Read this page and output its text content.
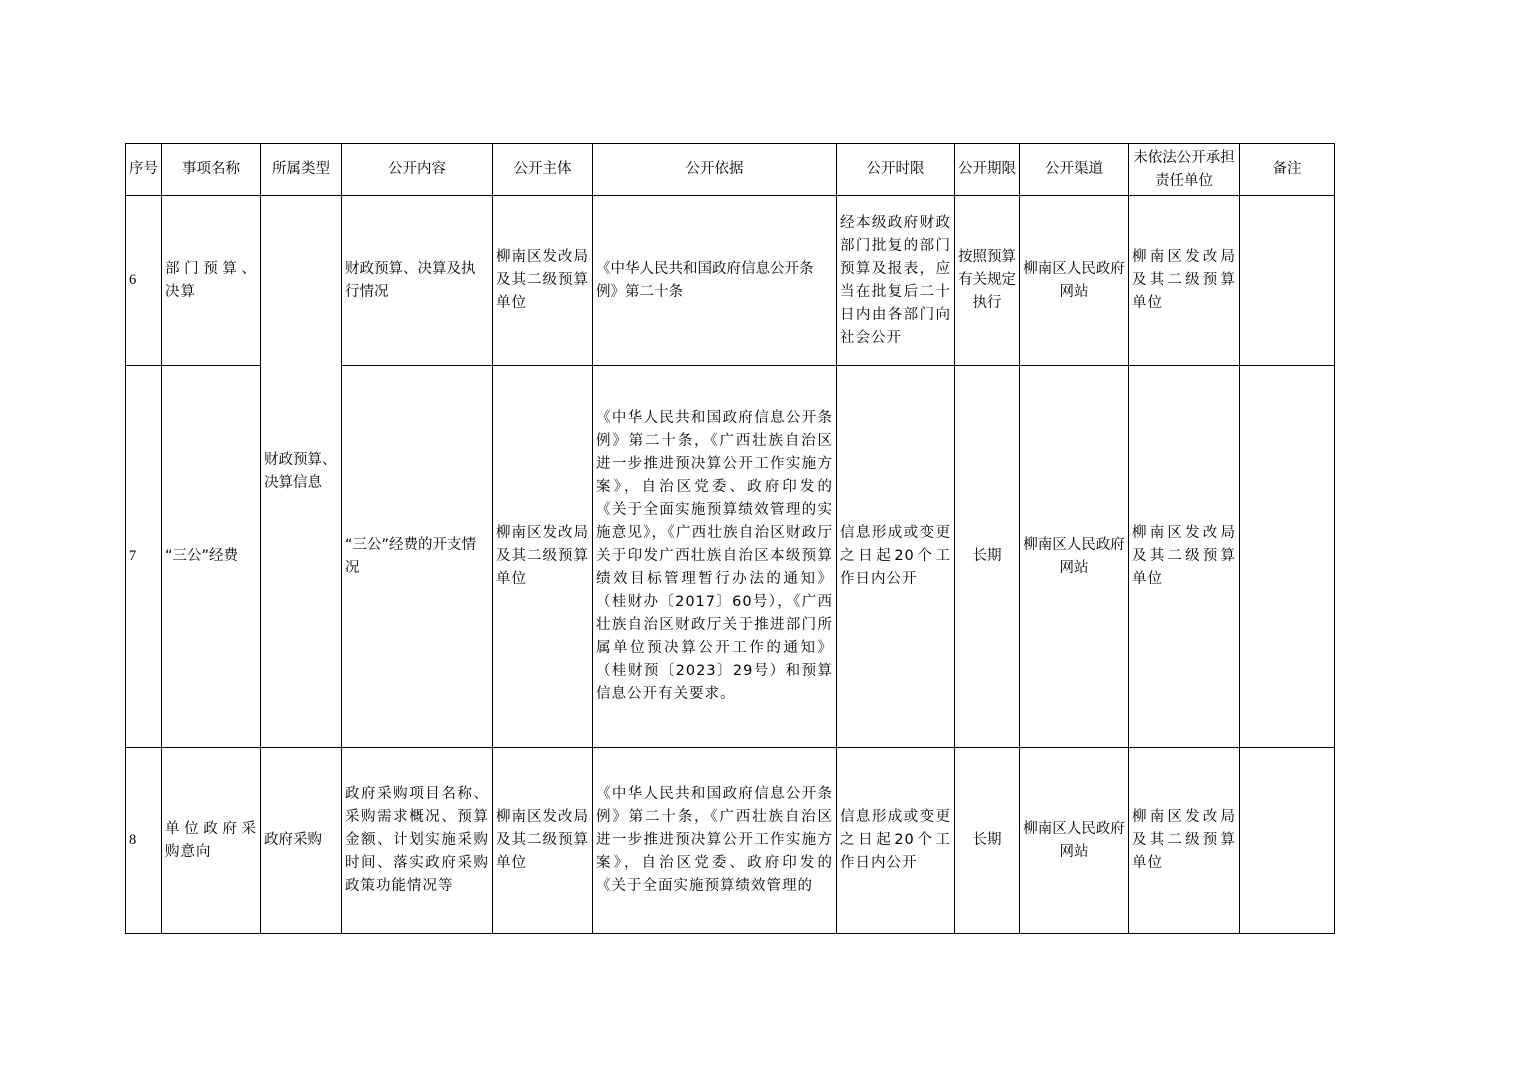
序号	事项名称	所属类型	公开内容	公开主体	公开依据	公开时限	公开期限	公开渠道	未依法公开承担责任单位	备注
6	部门预算、决算	财政预算、决算信息	财政预算、决算及执行情况	柳南区发改局及其二级预算单位	《中华人民共和国政府信息公开条例》第二十条	经本级政府财政部门批复的部门预算及报表，应当在批复后二十日内由各部门向社会公开	按照预算有关规定执行	柳南区人民政府网站	柳南区发改局及其二级预算单位	
7	“三公”经费		“三公”经费的开支情况	柳南区发改局及其二级预算单位	《中华人民共和国政府信息公开条例》第二十条，《广西壮族自治区进一步推进预决算公开工作实施方案》，自治区党委、政府印发的《关于全面实施预算绩效管理的实施意见》，《广西壮族自治区财政厅关于印发广西壮族自治区本级预算绩效目标管理暂行办法的通知》（桂财办〔2017〕60号），《广西壮族自治区财政厅关于推进部门所属单位预决算公开工作的通知》（桂财预〔2023〕29号）和预算信息公开有关要求。	信息形成或变更之日起20个工作日内公开	长期	柳南区人民政府网站	柳南区发改局及其二级预算单位	
8	单位政府采购意向	政府采购	政府采购项目名称、采购需求概况、预算金额、计划实施采购时间、落实政府采购政策功能情况等	柳南区发改局及其二级预算单位	《中华人民共和国政府信息公开条例》第二十条，《广西壮族自治区进一步推进预决算公开工作实施方案》，自治区党委、政府印发的《关于全面实施预算绩效管理的	信息形成或变更之日起20个工作日内公开	长期	柳南区人民政府网站	柳南区发改局及其二级预算单位	
